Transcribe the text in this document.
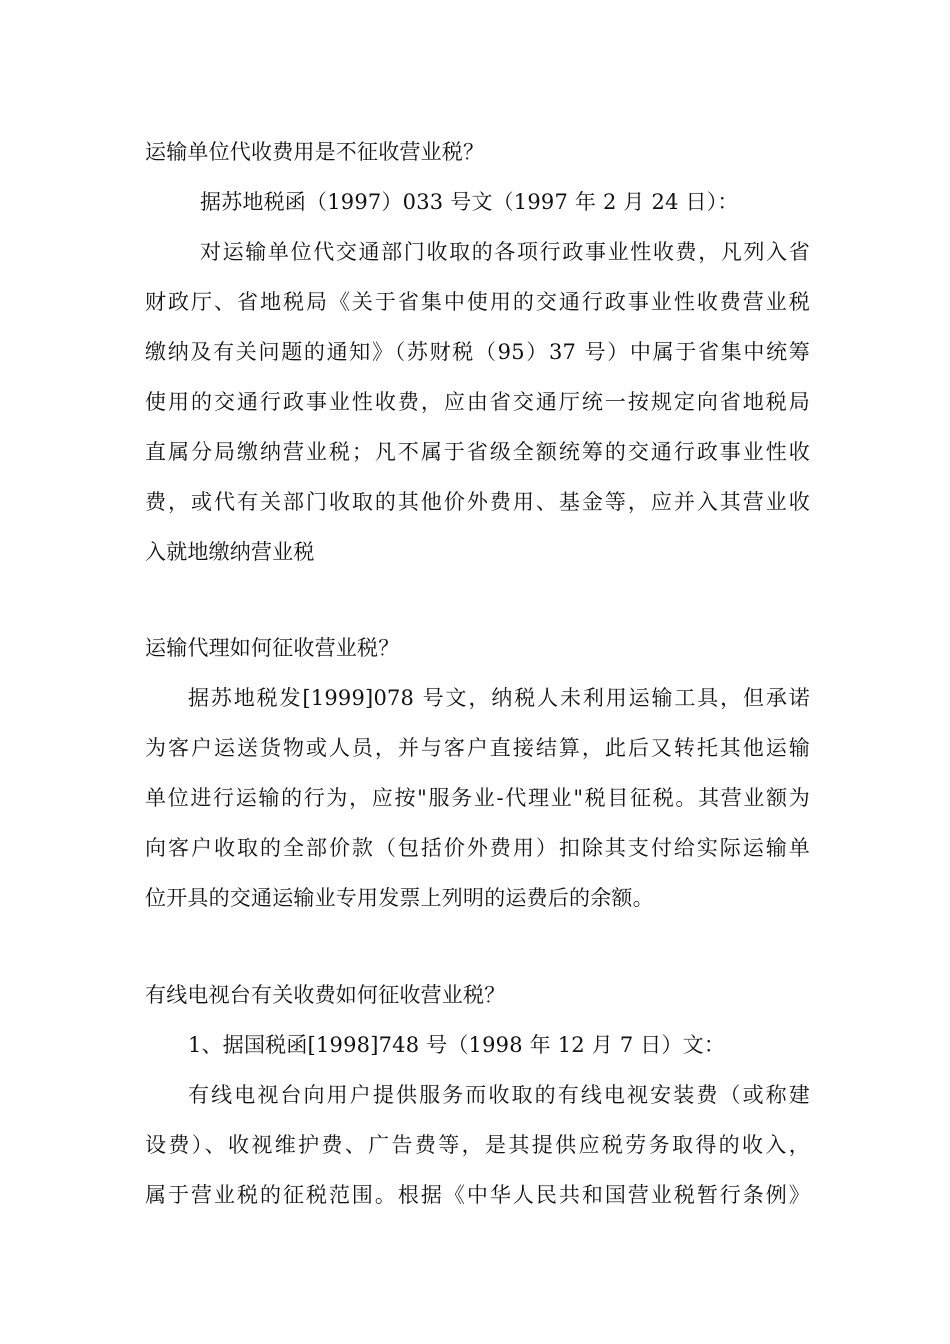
运输单位代收费用是不征收营业税？
据苏地税函（1997）033 号文（1997 年 2 月 24 日）：
对运输单位代交通部门收取的各项行政事业性收费，凡列入省
财政厅、省地税局《关于省集中使用的交通行政事业性收费营业税
缴纳及有关问题的通知》（苏财税（95）37 号）中属于省集中统筹
使用的交通行政事业性收费，应由省交通厅统一按规定向省地税局
直属分局缴纳营业税；凡不属于省级全额统筹的交通行政事业性收
费，或代有关部门收取的其他价外费用、基金等，应并入其营业收
入就地缴纳营业税
运输代理如何征收营业税？
据苏地税发[1999]078 号文，纳税人未利用运输工具，但承诺
为客户运送货物或人员，并与客户直接结算，此后又转托其他运输
单位进行运输的行为，应按"服务业-代理业"税目征税。其营业额为
向客户收取的全部价款（包括价外费用）扣除其支付给实际运输单
位开具的交通运输业专用发票上列明的运费后的余额。
有线电视台有关收费如何征收营业税？
1、据国税函[1998]748 号（1998 年 12 月 7 日）文：
有线电视台向用户提供服务而收取的有线电视安装费（或称建
设费）、收视维护费、广告费等，是其提供应税劳务取得的收入，
属于营业税的征税范围。根据《中华人民共和国营业税暂行条例》
